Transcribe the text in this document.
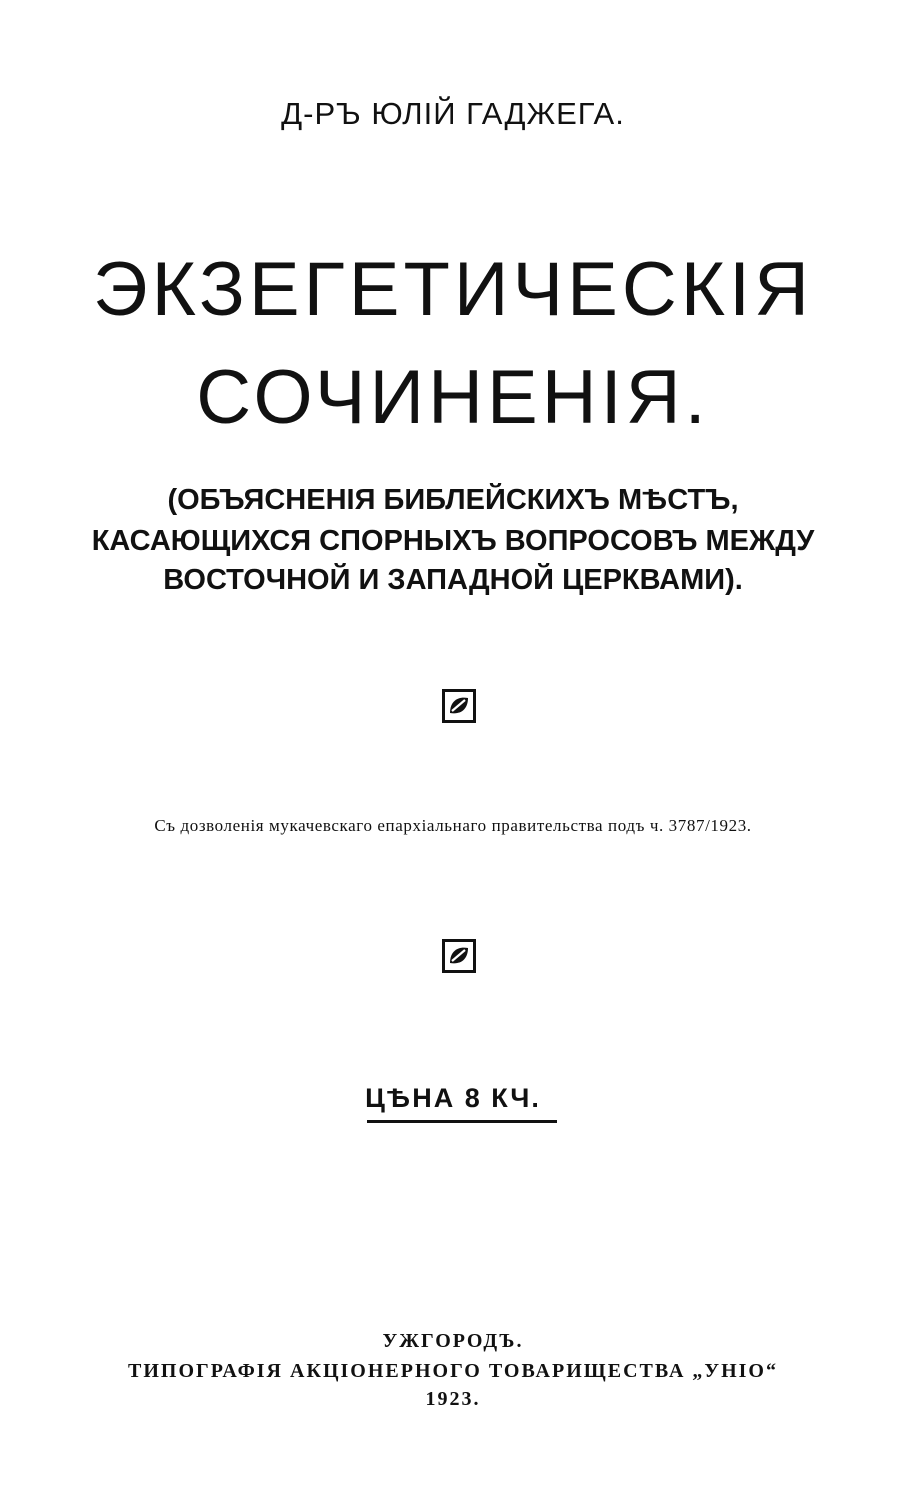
Д-РЪ ЮЛІЙ ГАДЖЕГА.
ЭКЗЕГЕТИЧЕСКІЯ
СОЧИНЕНІЯ.
(ОБЪЯСНЕНІЯ БИБЛЕЙСКИХЪ МѢСТЪ,
КАСАЮЩИХСЯ СПОРНЫХЪ ВОПРОСОВЪ МЕЖДУ
ВОСТОЧНОЙ И ЗАПАДНОЙ ЦЕРКВАМИ).
Съ дозволенія мукачевскаго епархіальнаго правительства подъ ч. 3787/1923.
ЦѢНА 8 КЧ.
УЖГОРОДЪ.
ТИПОГРАФІЯ АКЦІОНЕРНОГО ТОВАРИЩЕСТВА „УНІО“
1923.
